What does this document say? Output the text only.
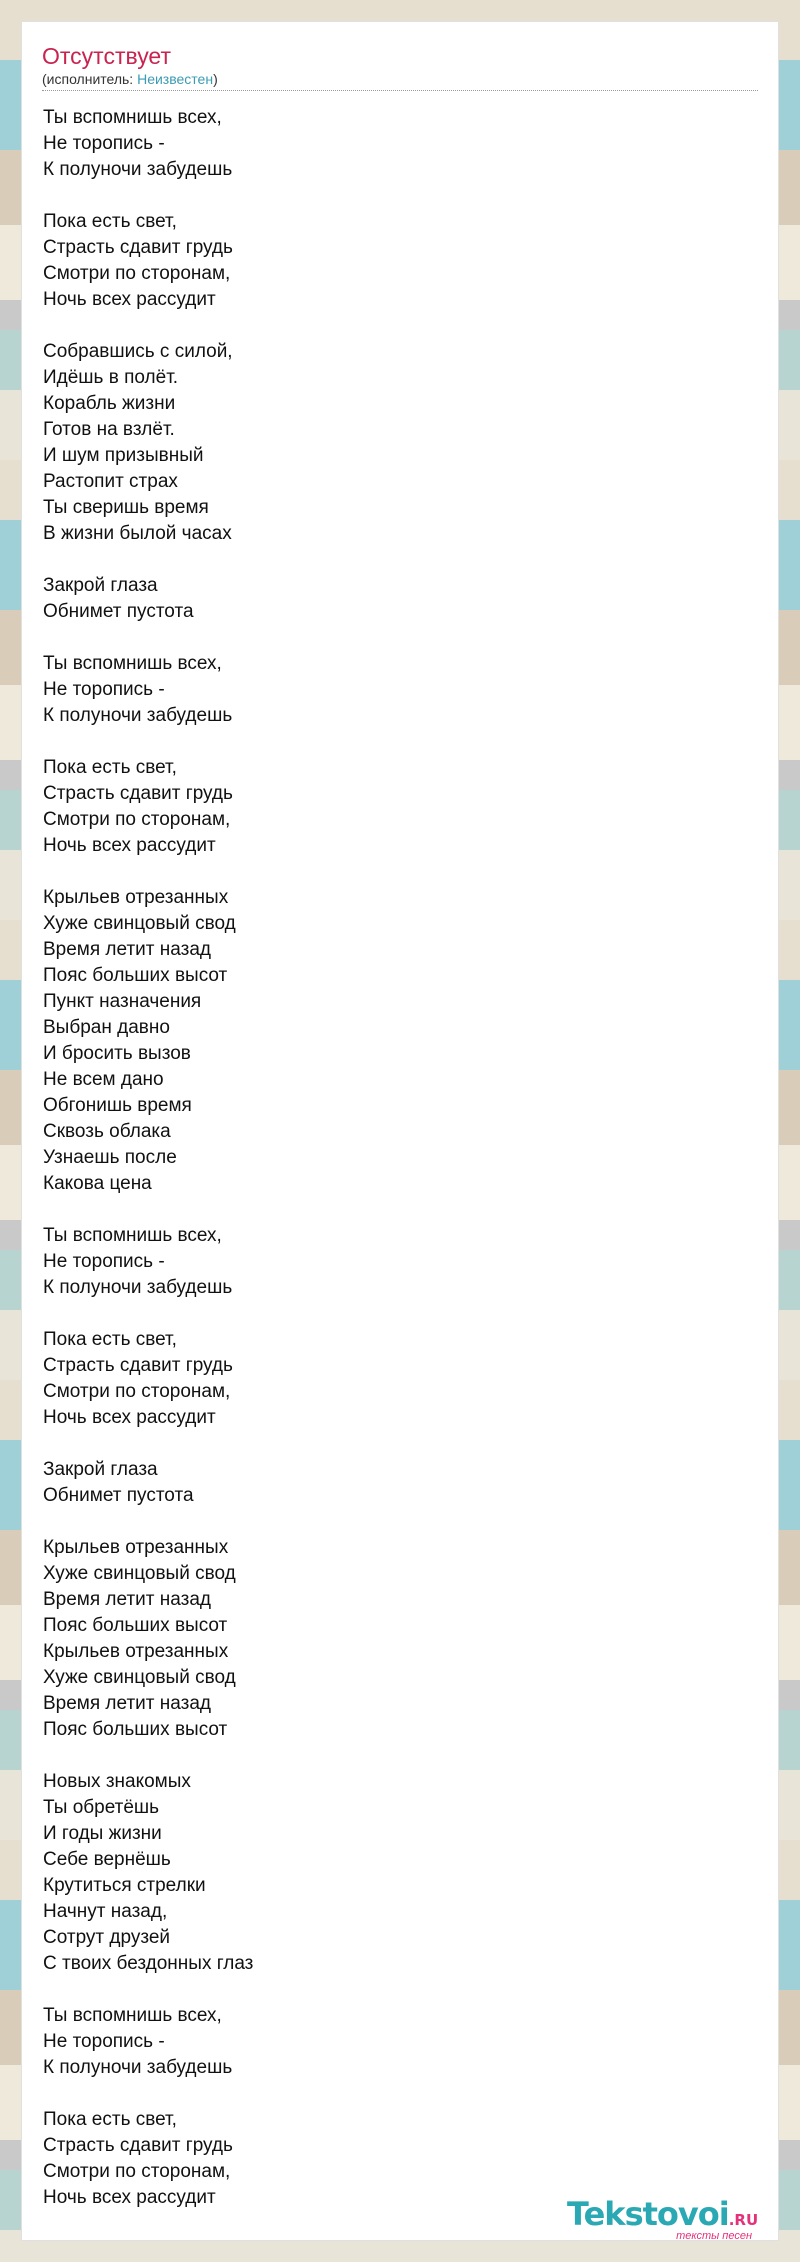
Отсутствует
(исполнитель: Неизвестен)
Ты вспомнишь всех,
Не торопись -
К полуночи забудешь
Пока есть свет,
Страсть сдавит грудь
Смотри по сторонам,
Ночь всех рассудит
Собравшись с силой,
Идёшь в полёт.
Корабль жизни
Готов на взлёт.
И шум призывный
Растопит страх
Ты сверишь время
В жизни былой часах
Закрой глаза
Обнимет пустота
Ты вспомнишь всех,
Не торопись -
К полуночи забудешь
Пока есть свет,
Страсть сдавит грудь
Смотри по сторонам,
Ночь всех рассудит
Крыльев отрезанных
Хуже свинцовый свод
Время летит назад
Пояс больших высот
Пункт назначения
Выбран давно
И бросить вызов
Не всем дано
Обгонишь время
Сквозь облака
Узнаешь после
Какова цена
Ты вспомнишь всех,
Не торопись -
К полуночи забудешь
Пока есть свет,
Страсть сдавит грудь
Смотри по сторонам,
Ночь всех рассудит
Закрой глаза
Обнимет пустота
Крыльев отрезанных
Хуже свинцовый свод
Время летит назад
Пояс больших высот
Крыльев отрезанных
Хуже свинцовый свод
Время летит назад
Пояс больших высот
Новых знакомых
Ты обретёшь
И годы жизни
Себе вернёшь
Крутиться стрелки
Начнут назад,
Сотрут друзей
С твоих бездонных глаз
Ты вспомнишь всех,
Не торопись -
К полуночи забудешь
Пока есть свет,
Страсть сдавит грудь
Смотри по сторонам,
Ночь всех рассудит	Tekstovoi.RU
тексты песен
